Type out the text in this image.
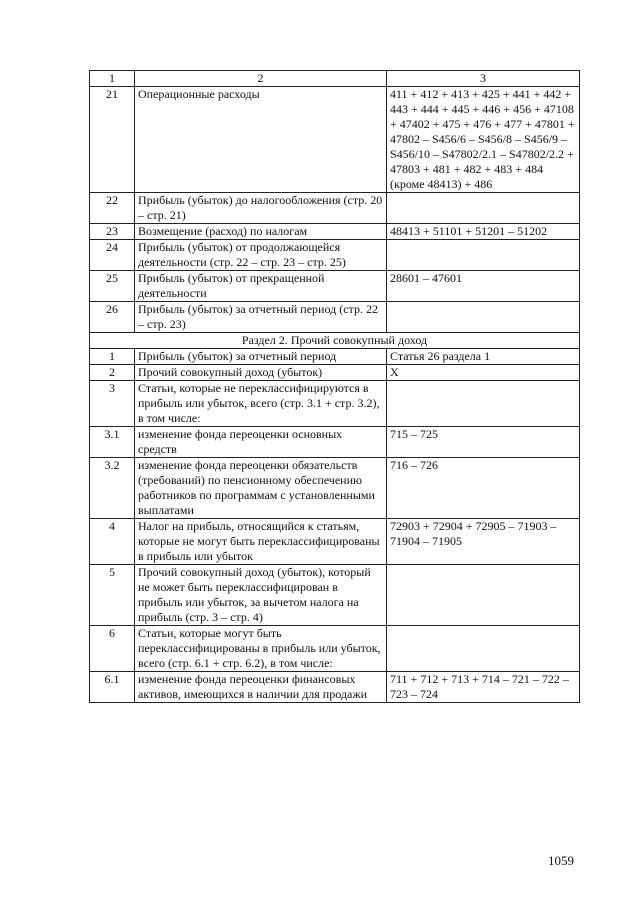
1	2	3
21	Операционные расходы	411 + 412 + 413 + 425 + 441 + 442 + 443 + 444 + 445 + 446 + 456 + 47108 + 47402 + 475 + 476 + 477 + 47801 + 47802 – S456/6 – S456/8 – S456/9 – S456/10 – S47802/2.1 – S47802/2.2 + 47803 + 481 + 482 + 483 + 484 (кроме 48413) + 486
22	Прибыль (убыток) до налогообложения (стр. 20 – стр. 21)	
23	Возмещение (расход) по налогам	48413 + 51101 + 51201 – 51202
24	Прибыль (убыток) от продолжающейся деятельности (стр. 22 – стр. 23 – стр. 25)	
25	Прибыль (убыток) от прекращенной деятельности	28601 – 47601
26	Прибыль (убыток) за отчетный период (стр. 22 – стр. 23)	
Раздел 2. Прочий совокупный доход		
1	Прибыль (убыток) за отчетный период	Статья 26 раздела 1
2	Прочий совокупный доход (убыток)	X
3	Статьи, которые не переклассифицируются в прибыль или убыток, всего (стр. 3.1 + стр. 3.2), в том числе:	
3.1	изменение фонда переоценки основных средств	715 – 725
3.2	изменение фонда переоценки обязательств (требований) по пенсионному обеспечению работников по программам с установленными выплатами	716 – 726
4	Налог на прибыль, относящийся к статьям, которые не могут быть переклассифицированы в прибыль или убыток	72903 + 72904 + 72905 – 71903 – 71904 – 71905
5	Прочий совокупный доход (убыток), который не может быть переклассифицирован в прибыль или убыток, за вычетом налога на прибыль (стр. 3 – стр. 4)	
6	Статьи, которые могут быть переклассифицированы в прибыль или убыток, всего (стр. 6.1 + стр. 6.2), в том числе:	
6.1	изменение фонда переоценки финансовых активов, имеющихся в наличии для продажи	711 + 712 + 713 + 714 – 721 – 722 – 723 – 724
1059
